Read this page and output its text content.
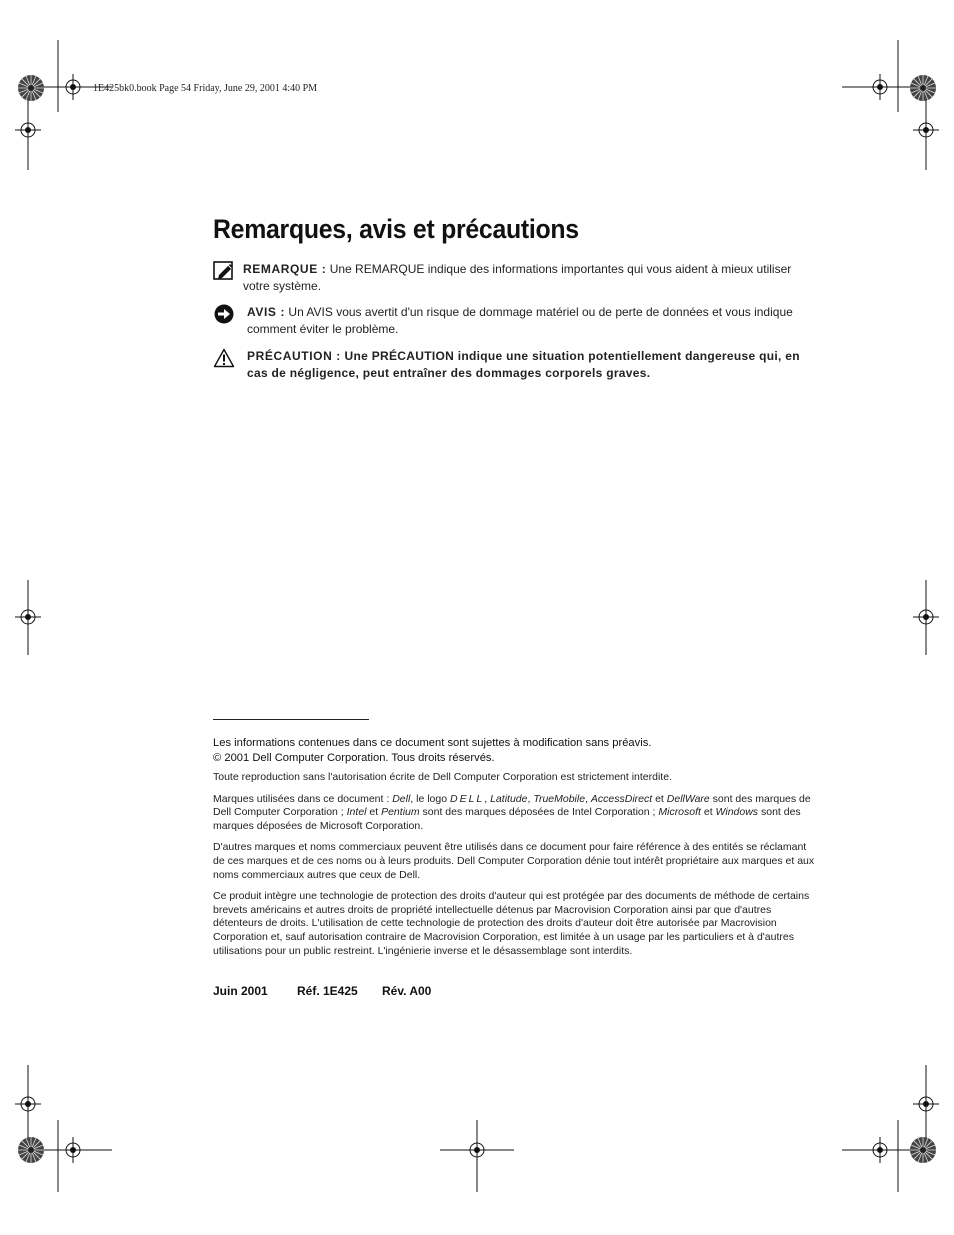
1E425bk0.book Page 54 Friday, June 29, 2001 4:40 PM
Remarques, avis et précautions
REMARQUE : Une REMARQUE indique des informations importantes qui vous aident à mieux utiliser votre système.
AVIS : Un AVIS vous avertit d'un risque de dommage matériel ou de perte de données et vous indique comment éviter le problème.
PRÉCAUTION : Une PRÉCAUTION indique une situation potentiellement dangereuse qui, en cas de négligence, peut entraîner des dommages corporels graves.

Les informations contenues dans ce document sont sujettes à modification sans préavis.
© 2001 Dell Computer Corporation. Tous droits réservés.

Toute reproduction sans l'autorisation écrite de Dell Computer Corporation est strictement interdite.

Marques utilisées dans ce document : Dell, le logo DELL, Latitude, TrueMobile, AccessDirect et DellWare sont des marques de Dell Computer Corporation ; Intel et Pentium sont des marques déposées de Intel Corporation ; Microsoft et Windows sont des marques déposées de Microsoft Corporation.

D'autres marques et noms commerciaux peuvent être utilisés dans ce document pour faire référence à des entités se réclamant de ces marques et de ces noms ou à leurs produits. Dell Computer Corporation dénie tout intérêt propriétaire aux marques et aux noms commerciaux autres que ceux de Dell.

Ce produit intègre une technologie de protection des droits d'auteur qui est protégée par des documents de méthode de certains brevets américains et autres droits de propriété intellectuelle détenus par Macrovision Corporation ainsi par que d'autres détenteurs de droits. L'utilisation de cette technologie de protection des droits d'auteur doit être autorisée par Macrovision Corporation et, sauf autorisation contraire de Macrovision Corporation, est limitée à un usage par les particuliers et à d'autres utilisations pour un public restreint. L'ingénierie inverse et le désassemblage sont interdits.

Juin 2001 Réf. 1E425 Rév. A00
